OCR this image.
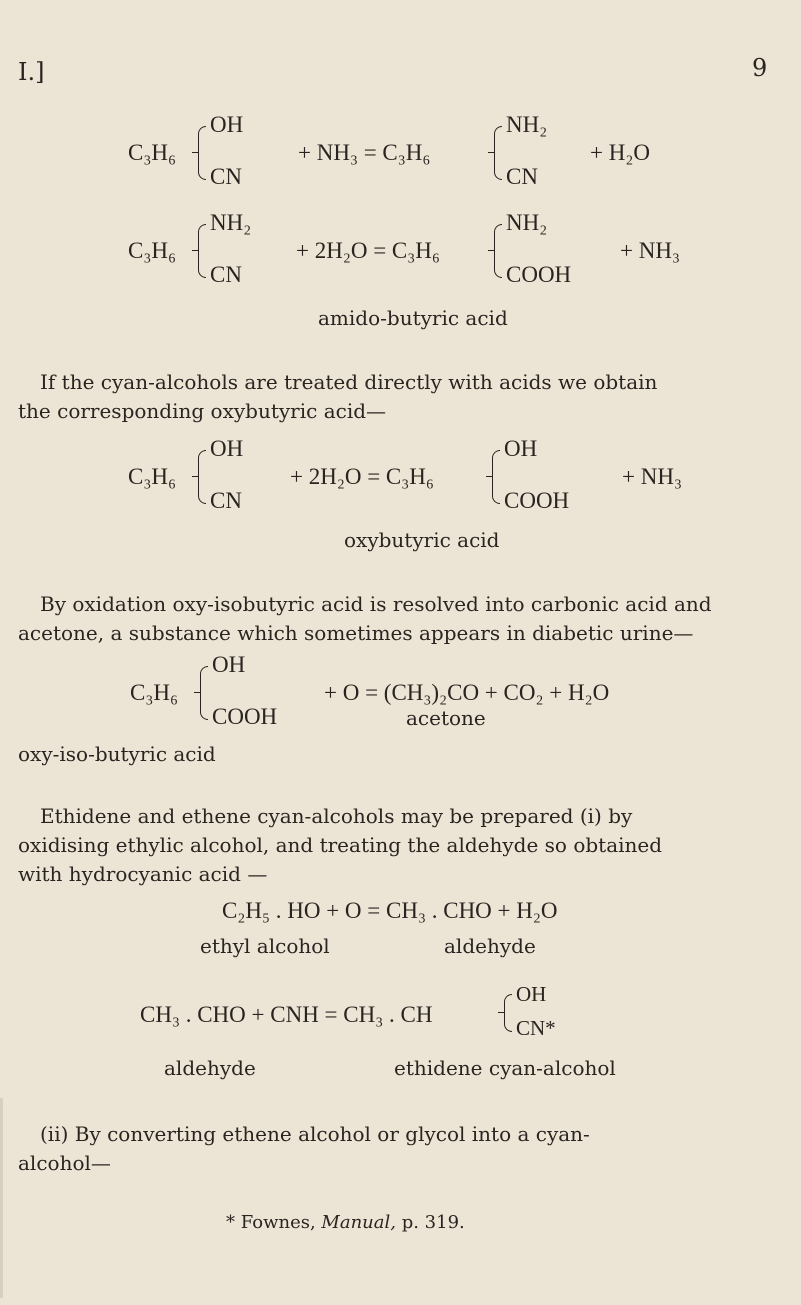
I.]	9
C₃H₆
OH
CN
+ NH₃ = C₃H₆
NH₂
CN
+ H₂O
C₃H₆
NH₂
CN
+ 2H₂O = C₃H₆
NH₂
COOH
+ NH₃
amido-butyric acid
If the cyan-alcohols are treated directly with acids we obtain
the corresponding oxybutyric acid—
C₃H₆
OH
CN
+ 2H₂O = C₃H₆
OH
COOH
+ NH₃
oxybutyric acid
By oxidation oxy-isobutyric acid is resolved into carbonic acid and
acetone, a substance which sometimes appears in diabetic urine—
C₃H₆
OH
COOH
+ O = (CH₃)₂CO + CO₂ + H₂O
acetone
oxy-iso-butyric acid
Ethidene and ethene cyan-alcohols may be prepared (i) by
oxidising ethylic alcohol, and treating the aldehyde so obtained
with hydrocyanic acid —
C₂H₅ . HO + O = CH₃ . CHO + H₂O
ethyl alcohol	aldehyde
CH₃ . CHO + CNH = CH₃ . CH
OH
CN*
aldehyde	ethidene cyan-alcohol
(ii) By converting ethene alcohol or glycol into a cyan-
alcohol—
* Fownes, Manual, p. 319.
